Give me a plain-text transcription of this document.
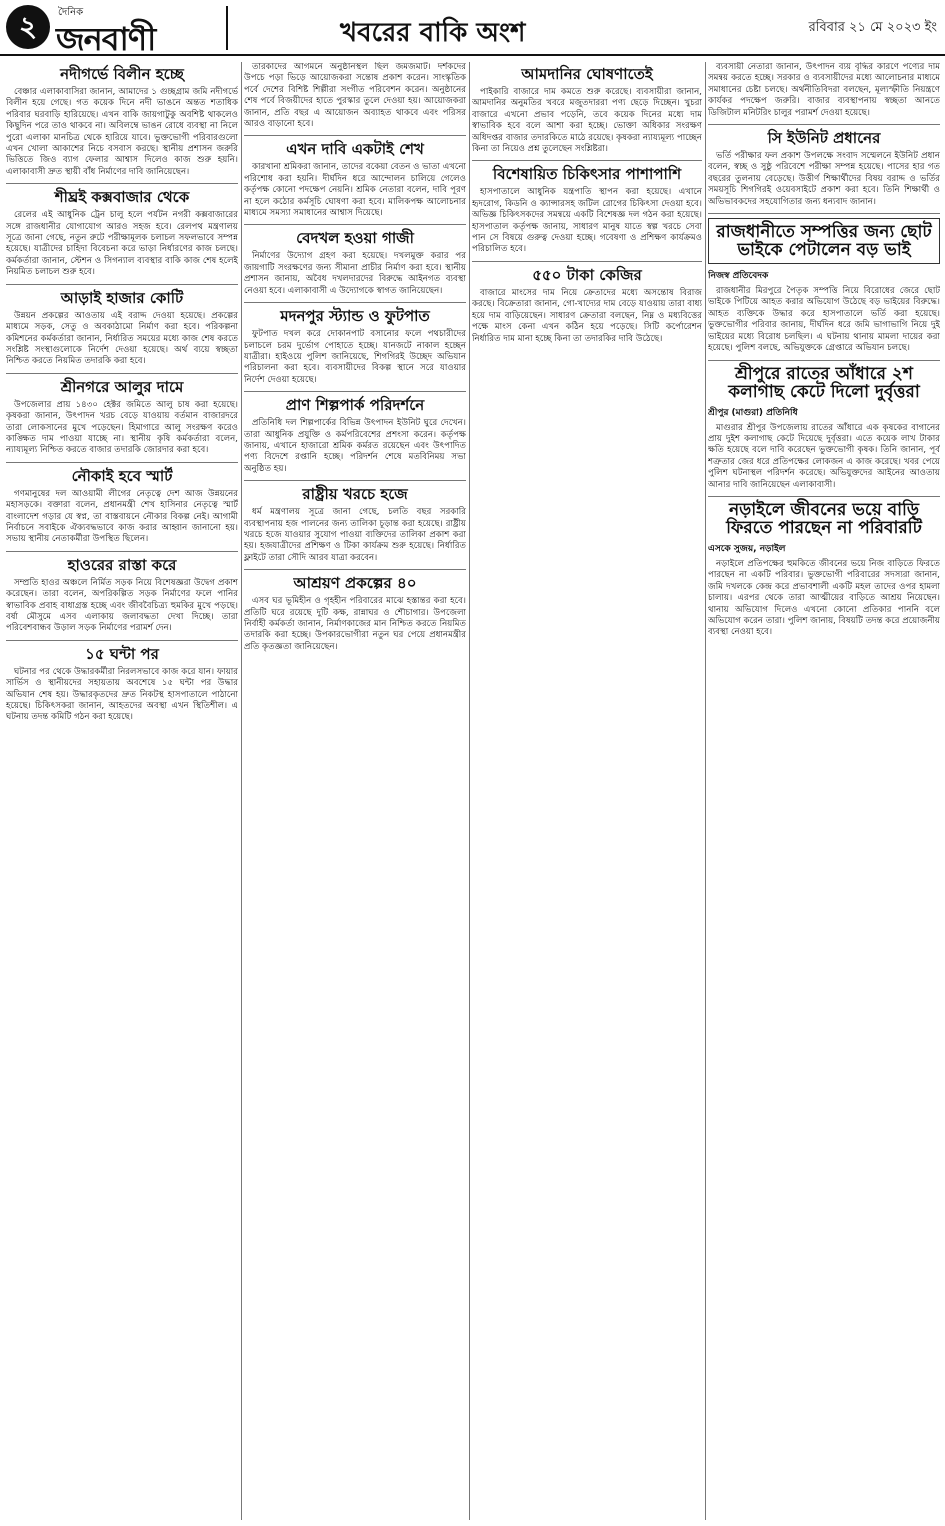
২	দৈনিক
জনবাণী	খবরের বাকি অংশ	রবিবার ২১ মে ২০২৩ ইং
নদীগর্ভে বিলীন হচ্ছে

বেঞ্চার এলাকাবাসিরা জানান, আমাদের ১ গুচ্ছগ্রাম জমি নদীগর্ভে বিলীন হয়ে গেছে। গত কয়েক দিনে নদী ভাঙনে অন্তত শতাধিক পরিবার ঘরবাড়ি হারিয়েছে। এখন বাকি জায়গাটুকু অবশিষ্ট থাকলেও কিছুদিন পরে তাও থাকবে না। অবিলম্বে ভাঙন রোধে ব্যবস্থা না নিলে পুরো এলাকা মানচিত্র থেকে হারিয়ে যাবে। ভুক্তভোগী পরিবারগুলো এখন খোলা আকাশের নিচে বসবাস করছে। স্থানীয় প্রশাসন জরুরি ভিত্তিতে জিও ব্যাগ ফেলার আশ্বাস দিলেও কাজ শুরু হয়নি। এলাকাবাসী দ্রুত স্থায়ী বাঁধ নির্মাণের দাবি জানিয়েছেন।

শীঘ্রই কক্সবাজার থেকে

রেলের এই আধুনিক ট্রেন চালু হলে পর্যটন নগরী কক্সবাজারের সঙ্গে রাজধানীর যোগাযোগ আরও সহজ হবে। রেলপথ মন্ত্রণালয় সূত্রে জানা গেছে, নতুন রুটে পরীক্ষামূলক চলাচল সফলভাবে সম্পন্ন হয়েছে। যাত্রীদের চাহিদা বিবেচনা করে ভাড়া নির্ধারণের কাজ চলছে। কর্মকর্তারা জানান, স্টেশন ও সিগন্যাল ব্যবস্থার বাকি কাজ শেষ হলেই নিয়মিত চলাচল শুরু হবে।

আড়াই হাজার কোটি

উন্নয়ন প্রকল্পের আওতায় এই বরাদ্দ দেওয়া হয়েছে। প্রকল্পের মাধ্যমে সড়ক, সেতু ও অবকাঠামো নির্মাণ করা হবে। পরিকল্পনা কমিশনের কর্মকর্তারা জানান, নির্ধারিত সময়ের মধ্যে কাজ শেষ করতে সংশ্লিষ্ট সংস্থাগুলোকে নির্দেশ দেওয়া হয়েছে। অর্থ ব্যয়ে স্বচ্ছতা নিশ্চিত করতে নিয়মিত তদারকি করা হবে।

শ্রীনগরে আলুর দামে

উপজেলার প্রায় ১৪৩০ হেক্টর জমিতে আলু চাষ করা হয়েছে। কৃষকরা জানান, উৎপাদন খরচ বেড়ে যাওয়ায় বর্তমান বাজারদরে তারা লোকসানের মুখে পড়েছেন। হিমাগারে আলু সংরক্ষণ করেও কাঙ্ক্ষিত দাম পাওয়া যাচ্ছে না। স্থানীয় কৃষি কর্মকর্তারা বলেন, ন্যায্যমূল্য নিশ্চিত করতে বাজার তদারকি জোরদার করা হবে।

নৌকাই হবে স্মার্ট

গণমানুষের দল আওয়ামী লীগের নেতৃত্বে দেশ আজ উন্নয়নের মহাসড়কে। বক্তারা বলেন, প্রধানমন্ত্রী শেখ হাসিনার নেতৃত্বে স্মার্ট বাংলাদেশ গড়ার যে স্বপ্ন, তা বাস্তবায়নে নৌকার বিকল্প নেই। আগামী নির্বাচনে সবাইকে ঐক্যবদ্ধভাবে কাজ করার আহ্বান জানানো হয়। সভায় স্থানীয় নেতাকর্মীরা উপস্থিত ছিলেন।

হাওরের রাস্তা করে

সম্প্রতি হাওর অঞ্চলে নির্মিত সড়ক নিয়ে বিশেষজ্ঞরা উদ্বেগ প্রকাশ করেছেন। তারা বলেন, অপরিকল্পিত সড়ক নির্মাণের ফলে পানির স্বাভাবিক প্রবাহ বাধাগ্রস্ত হচ্ছে এবং জীববৈচিত্র্য হুমকির মুখে পড়ছে। বর্ষা মৌসুমে এসব এলাকায় জলাবদ্ধতা দেখা দিচ্ছে। তারা পরিবেশবান্ধব উড়াল সড়ক নির্মাণের পরামর্শ দেন।

১৫ ঘন্টা পর

ঘটনার পর থেকে উদ্ধারকর্মীরা নিরলসভাবে কাজ করে যান। ফায়ার সার্ভিস ও স্থানীয়দের সহায়তায় অবশেষে ১৫ ঘন্টা পর উদ্ধার অভিযান শেষ হয়। উদ্ধারকৃতদের দ্রুত নিকটস্থ হাসপাতালে পাঠানো হয়েছে। চিকিৎসকরা জানান, আহতদের অবস্থা এখন স্থিতিশীল। এ ঘটনায় তদন্ত কমিটি গঠন করা হয়েছে।

তারকাদের আগমনে অনুষ্ঠানস্থল ছিল জমজমাট। দর্শকদের উপচে পড়া ভিড়ে আয়োজকরা সন্তোষ প্রকাশ করেন। সাংস্কৃতিক পর্বে দেশের বিশিষ্ট শিল্পীরা সংগীত পরিবেশন করেন। অনুষ্ঠানের শেষ পর্বে বিজয়ীদের হাতে পুরস্কার তুলে দেওয়া হয়। আয়োজকরা জানান, প্রতি বছর এ আয়োজন অব্যাহত থাকবে এবং পরিসর আরও বাড়ানো হবে।

এখন দাবি একটাই শেখ

কারখানা শ্রমিকরা জানান, তাদের বকেয়া বেতন ও ভাতা এখনো পরিশোধ করা হয়নি। দীর্ঘদিন ধরে আন্দোলন চালিয়ে গেলেও কর্তৃপক্ষ কোনো পদক্ষেপ নেয়নি। শ্রমিক নেতারা বলেন, দাবি পূরণ না হলে কঠোর কর্মসূচি ঘোষণা করা হবে। মালিকপক্ষ আলোচনার মাধ্যমে সমস্যা সমাধানের আশ্বাস দিয়েছে।

বেদখল হওয়া গাজী

নির্মাণের উদ্যোগ গ্রহণ করা হয়েছে। দখলমুক্ত করার পর জায়গাটি সংরক্ষণের জন্য সীমানা প্রাচীর নির্মাণ করা হবে। স্থানীয় প্রশাসন জানায়, অবৈধ দখলদারদের বিরুদ্ধে আইনগত ব্যবস্থা নেওয়া হবে। এলাকাবাসী এ উদ্যোগকে স্বাগত জানিয়েছেন।

মদনপুর স্ট্যান্ড ও ফুটপাত

ফুটপাত দখল করে দোকানপাট বসানোর ফলে পথচারীদের চলাচলে চরম দুর্ভোগ পোহাতে হচ্ছে। যানজটে নাকাল হচ্ছেন যাত্রীরা। হাইওয়ে পুলিশ জানিয়েছে, শিগগিরই উচ্ছেদ অভিযান পরিচালনা করা হবে। ব্যবসায়ীদের বিকল্প স্থানে সরে যাওয়ার নির্দেশ দেওয়া হয়েছে।

প্রাণ শিল্পপার্ক পরিদর্শনে

প্রতিনিধি দল শিল্পপার্কের বিভিন্ন উৎপাদন ইউনিট ঘুরে দেখেন। তারা আধুনিক প্রযুক্তি ও কর্মপরিবেশের প্রশংসা করেন। কর্তৃপক্ষ জানায়, এখানে হাজারো শ্রমিক কর্মরত রয়েছেন এবং উৎপাদিত পণ্য বিদেশে রপ্তানি হচ্ছে। পরিদর্শন শেষে মতবিনিময় সভা অনুষ্ঠিত হয়।

রাষ্ট্রীয় খরচে হজে

ধর্ম মন্ত্রণালয় সূত্রে জানা গেছে, চলতি বছর সরকারি ব্যবস্থাপনায় হজ পালনের জন্য তালিকা চূড়ান্ত করা হয়েছে। রাষ্ট্রীয় খরচে হজে যাওয়ার সুযোগ পাওয়া ব্যক্তিদের তালিকা প্রকাশ করা হয়। হজযাত্রীদের প্রশিক্ষণ ও টিকা কার্যক্রম শুরু হয়েছে। নির্ধারিত ফ্লাইটে তারা সৌদি আরব যাত্রা করবেন।

আশ্রয়ণ প্রকল্পের ৪০

এসব ঘর ভূমিহীন ও গৃহহীন পরিবারের মাঝে হস্তান্তর করা হবে। প্রতিটি ঘরে রয়েছে দুটি কক্ষ, রান্নাঘর ও শৌচাগার। উপজেলা নির্বাহী কর্মকর্তা জানান, নির্মাণকাজের মান নিশ্চিত করতে নিয়মিত তদারকি করা হচ্ছে। উপকারভোগীরা নতুন ঘর পেয়ে প্রধানমন্ত্রীর প্রতি কৃতজ্ঞতা জানিয়েছেন।

আমদানির ঘোষণাতেই

পাইকারি বাজারে দাম কমতে শুরু করেছে। ব্যবসায়ীরা জানান, আমদানির অনুমতির খবরে মজুতদাররা পণ্য ছেড়ে দিচ্ছেন। খুচরা বাজারে এখনো প্রভাব পড়েনি, তবে কয়েক দিনের মধ্যে দাম স্বাভাবিক হবে বলে আশা করা হচ্ছে। ভোক্তা অধিকার সংরক্ষণ অধিদপ্তর বাজার তদারকিতে মাঠে রয়েছে। কৃষকরা ন্যায্যমূল্য পাচ্ছেন কিনা তা নিয়েও প্রশ্ন তুলেছেন সংশ্লিষ্টরা।

বিশেষায়িত চিকিৎসার পাশাপাশি

হাসপাতালে আধুনিক যন্ত্রপাতি স্থাপন করা হয়েছে। এখানে হৃদরোগ, কিডনি ও ক্যান্সারসহ জটিল রোগের চিকিৎসা দেওয়া হবে। অভিজ্ঞ চিকিৎসকদের সমন্বয়ে একটি বিশেষজ্ঞ দল গঠন করা হয়েছে। হাসপাতাল কর্তৃপক্ষ জানায়, সাধারণ মানুষ যাতে স্বল্প খরচে সেবা পান সে বিষয়ে গুরুত্ব দেওয়া হচ্ছে। গবেষণা ও প্রশিক্ষণ কার্যক্রমও পরিচালিত হবে।

৫৫০ টাকা কেজির

বাজারে মাংসের দাম নিয়ে ক্রেতাদের মধ্যে অসন্তোষ বিরাজ করছে। বিক্রেতারা জানান, গো-খাদ্যের দাম বেড়ে যাওয়ায় তারা বাধ্য হয়ে দাম বাড়িয়েছেন। সাধারণ ক্রেতারা বলছেন, নিম্ন ও মধ্যবিত্তের পক্ষে মাংস কেনা এখন কঠিন হয়ে পড়েছে। সিটি কর্পোরেশন নির্ধারিত দাম মানা হচ্ছে কিনা তা তদারকির দাবি উঠেছে।

ব্যবসায়ী নেতারা জানান, উৎপাদন ব্যয় বৃদ্ধির কারণে পণ্যের দাম সমন্বয় করতে হচ্ছে। সরকার ও ব্যবসায়ীদের মধ্যে আলোচনার মাধ্যমে সমাধানের চেষ্টা চলছে। অর্থনীতিবিদরা বলছেন, মূল্যস্ফীতি নিয়ন্ত্রণে কার্যকর পদক্ষেপ জরুরি। বাজার ব্যবস্থাপনায় স্বচ্ছতা আনতে ডিজিটাল মনিটরিং চালুর পরামর্শ দেওয়া হয়েছে।

সি ইউনিট প্রধানের

ভর্তি পরীক্ষার ফল প্রকাশ উপলক্ষে সংবাদ সম্মেলনে ইউনিট প্রধান বলেন, স্বচ্ছ ও সুষ্ঠু পরিবেশে পরীক্ষা সম্পন্ন হয়েছে। পাসের হার গত বছরের তুলনায় বেড়েছে। উত্তীর্ণ শিক্ষার্থীদের বিষয় বরাদ্দ ও ভর্তির সময়সূচি শিগগিরই ওয়েবসাইটে প্রকাশ করা হবে। তিনি শিক্ষার্থী ও অভিভাবকদের সহযোগিতার জন্য ধন্যবাদ জানান।

রাজধানীতে সম্পত্তির জন্য ছোট ভাইকে পেটালেন বড় ভাই
নিজস্ব প্রতিবেদক

রাজধানীর মিরপুরে পৈতৃক সম্পত্তি নিয়ে বিরোধের জেরে ছোট ভাইকে পিটিয়ে আহত করার অভিযোগ উঠেছে বড় ভাইয়ের বিরুদ্ধে। আহত ব্যক্তিকে উদ্ধার করে হাসপাতালে ভর্তি করা হয়েছে। ভুক্তভোগীর পরিবার জানায়, দীর্ঘদিন ধরে জমি ভাগাভাগি নিয়ে দুই ভাইয়ের মধ্যে বিরোধ চলছিল। এ ঘটনায় থানায় মামলা দায়ের করা হয়েছে। পুলিশ বলছে, অভিযুক্তকে গ্রেপ্তারে অভিযান চলছে।

শ্রীপুরে রাতের আঁধারে ২শ কলাগাছ কেটে দিলো দুর্বৃত্তরা
শ্রীপুর (মাগুরা) প্রতিনিধি

মাগুরার শ্রীপুর উপজেলায় রাতের আঁধারে এক কৃষকের বাগানের প্রায় দুইশ কলাগাছ কেটে দিয়েছে দুর্বৃত্তরা। এতে কয়েক লাখ টাকার ক্ষতি হয়েছে বলে দাবি করেছেন ভুক্তভোগী কৃষক। তিনি জানান, পূর্ব শত্রুতার জের ধরে প্রতিপক্ষের লোকজন এ কাজ করেছে। খবর পেয়ে পুলিশ ঘটনাস্থল পরিদর্শন করেছে। অভিযুক্তদের আইনের আওতায় আনার দাবি জানিয়েছেন এলাকাবাসী।

নড়াইলে জীবনের ভয়ে বাড়ি ফিরতে পারছেন না পরিবারটি
এসকে সুজয়, নড়াইল

নড়াইলে প্রতিপক্ষের হুমকিতে জীবনের ভয়ে নিজ বাড়িতে ফিরতে পারছেন না একটি পরিবার। ভুক্তভোগী পরিবারের সদস্যরা জানান, জমি দখলকে কেন্দ্র করে প্রভাবশালী একটি মহল তাদের ওপর হামলা চালায়। এরপর থেকে তারা আত্মীয়ের বাড়িতে আশ্রয় নিয়েছেন। থানায় অভিযোগ দিলেও এখনো কোনো প্রতিকার পাননি বলে অভিযোগ করেন তারা। পুলিশ জানায়, বিষয়টি তদন্ত করে প্রয়োজনীয় ব্যবস্থা নেওয়া হবে।
